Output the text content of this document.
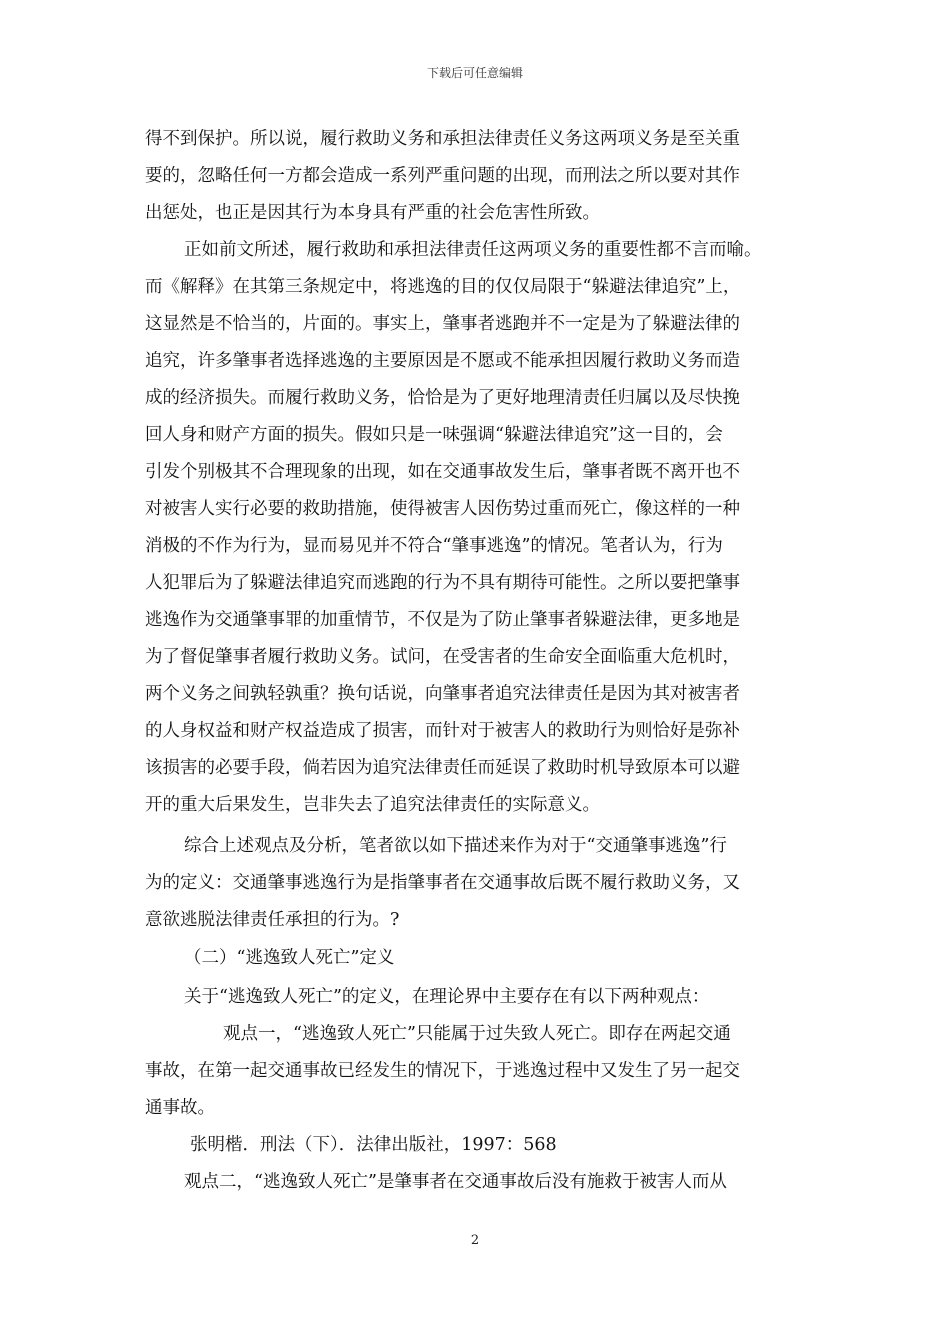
下载后可任意编辑
得不到保护。所以说，履行救助义务和承担法律责任义务这两项义务是至关重
要的，忽略任何一方都会造成一系列严重问题的出现，而刑法之所以要对其作
出惩处，也正是因其行为本身具有严重的社会危害性所致。
正如前文所述，履行救助和承担法律责任这两项义务的重要性都不言而喻。
而《解释》在其第三条规定中，将逃逸的目的仅仅局限于“躲避法律追究”上，
这显然是不恰当的，片面的。事实上，肇事者逃跑并不一定是为了躲避法律的
追究，许多肇事者选择逃逸的主要原因是不愿或不能承担因履行救助义务而造
成的经济损失。而履行救助义务，恰恰是为了更好地理清责任归属以及尽快挽
回人身和财产方面的损失。假如只是一味强调“躲避法律追究”这一目的，会
引发个别极其不合理现象的出现，如在交通事故发生后，肇事者既不离开也不
对被害人实行必要的救助措施，使得被害人因伤势过重而死亡，像这样的一种
消极的不作为行为，显而易见并不符合“肇事逃逸”的情况。笔者认为，行为
人犯罪后为了躲避法律追究而逃跑的行为不具有期待可能性。之所以要把肇事
逃逸作为交通肇事罪的加重情节，不仅是为了防止肇事者躲避法律，更多地是
为了督促肇事者履行救助义务。试问，在受害者的生命安全面临重大危机时，
两个义务之间孰轻孰重？换句话说，向肇事者追究法律责任是因为其对被害者
的人身权益和财产权益造成了损害，而针对于被害人的救助行为则恰好是弥补
该损害的必要手段，倘若因为追究法律责任而延误了救助时机导致原本可以避
开的重大后果发生，岂非失去了追究法律责任的实际意义。
综合上述观点及分析，笔者欲以如下描述来作为对于“交通肇事逃逸”行
为的定义：交通肇事逃逸行为是指肇事者在交通事故后既不履行救助义务，又
意欲逃脱法律责任承担的行为。?
（二）“逃逸致人死亡”定义
关于“逃逸致人死亡”的定义，在理论界中主要存在有以下两种观点：
观点一，“逃逸致人死亡”只能属于过失致人死亡。即存在两起交通
事故，在第一起交通事故已经发生的情况下，于逃逸过程中又发生了另一起交
通事故。
张明楷．刑法（下）．法律出版社，1997：568
观点二，“逃逸致人死亡”是肇事者在交通事故后没有施救于被害人而从
2
